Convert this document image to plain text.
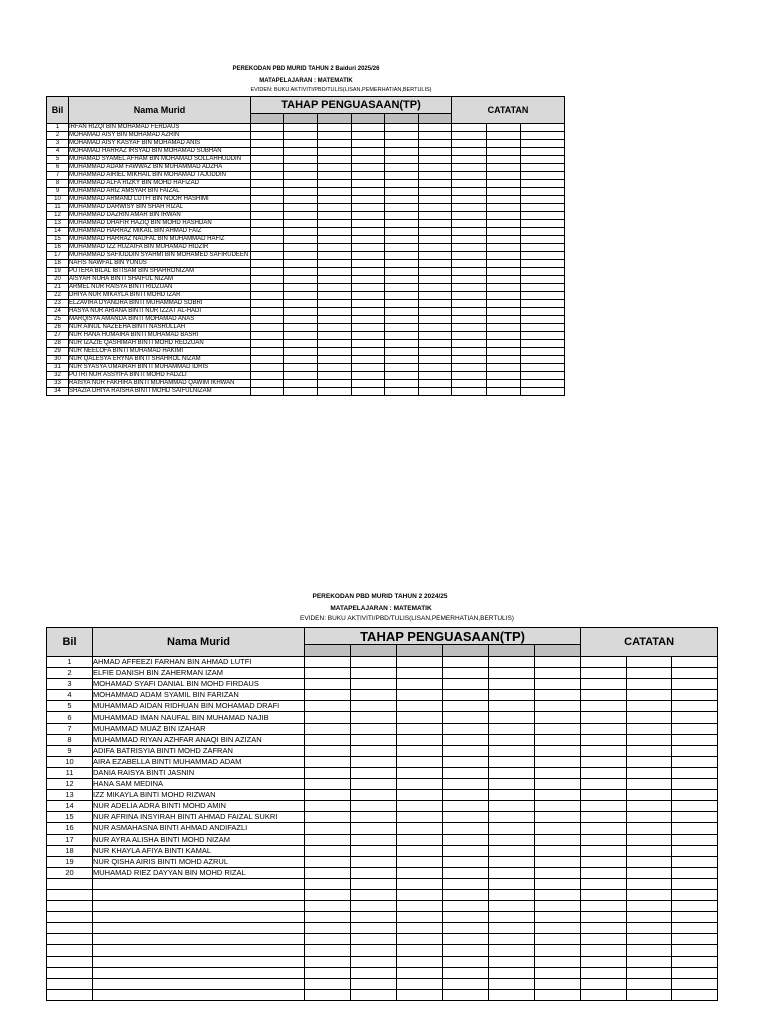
PEREKODAN PBD MURID TAHUN 2 Baiduri 2025/26
MATAPELAJARAN : MATEMATIK
EVIDEN: BUKU AKTIVITI/PBD/TULIS(LISAN,PEMERHATIAN,BERTULIS)
Bil	Nama Murid	TAHAP PENGUASAAN(TP)						CATATAN		

1	IRFAN RIZQI BIN MOHAMAD FERDAUS									
2	MOHAMAD AISY BIN MOHAMAD AZRIN									
3	MOHAMAD AISY KASYAF BIN MOHAMAD ANIS									
4	MOHAMAD HARRAZ IRSYAD BIN MOHAMAD SUBHAN									
5	MUHAMAD SYAMEL AFHAM BIN MOHAMAD SOLLAHHUDDIN									
6	MUHAMMAD ADAM FAWWAZ BIN MUHAMMAD ADZHA									
7	MUHAMMAD AIRIEL MIKHAIL BIN MOHAMAD TAJUDDIN									
8	MUHAMMAD ALFA RIZKY BIN MOHD HAFIZAD									
9	MUHAMMAD ARIZ AMSYAR BIN FAIZAL									
10	MUHAMMAD ARMAND LUTFI BIN NOOR HASHIMI									
11	MUHAMMAD DARWISY BIN SHAH RIZAL									
12	MUHAMMAD DAZRIN AMAR BIN IRWAN									
13	MUHAMMAD DHAFIR HAZIQ BIN MOHD RASHDAN									
14	MUHAMMAD HARRAZ MIKAIL BIN AHMAD FAIZ									
15	MUHAMMAD HARRAZ NAUFAL BIN MUHAMMAD HAFIZ									
16	MUHAMMAD IZZ HUZAIFA BIN MUHAMAD HIDZIR									
17	MUHAMMAD SAFIUDDIN SYAHMI BIN MOHAMED SAFIRUDEEN									
18	NAFIS NAWFAL BIN YUNUS									
19	PUTERA BILAL IBTISAM BIN SHAHRONIZAM									
20	AISYAH NUHA BINTI SHAIFUL NIZAM									
21	ARMEL NUR RAISYA BINTI RIDZUAN									
22	DHIYA NUR MIKAYLA BINTI MOHD IZAR									
23	ELZAVIRA DYANDRA BINTI MUHAMMAD SOBRI									
24	HASYA NUR ARIANA BINTI NUR IZZAT AL-HADI									
25	MARQISYA AMANDA BINTI MOHAMAD ANAS									
26	NUR AINUL NAZEEHA BINTI NASRULLAH									
27	NUR HANA HUMAIRA BINTI MUHAMAD BASRI									
28	NUR IZAZIE QASHIMAH BINTI MOHD REDZUAN									
29	NUR NEELOFA BINTI MUHAMAD HAKIMI									
30	NUR QALESYA ERYNA BINTI SHAHROL NIZAM									
31	NUR SYASYA UMAIRAH BINTI MUHAMMAD IDRIS									
32	PUTRI NUR ASSYIFA BINTI MOHD FADZLI									
33	RAISYA NUR FAKHIRA BINTI MUHAMMAD QAWIM IKHWAN									
34	SHAZIA DHIYA RAISHA BINTI MOHD SAIFULNIZAM									
PEREKODAN PBD MURID TAHUN 2 2024/25
MATAPELAJARAN : MATEMATIK
EVIDEN: BUKU AKTIVITI/PBD/TULIS(LISAN,PEMERHATIAN,BERTULIS)
Bil	Nama Murid	TAHAP PENGUASAAN(TP)						CATATAN		

1	AHMAD AFFEEZI FARHAN BIN AHMAD LUTFI									
2	ELFIE DANISH BIN ZAHERMAN IZAM									
3	MOHAMAD SYAFI DANIAL BIN MOHD FIRDAUS									
4	MOHAMMAD ADAM SYAMIL BIN FARIZAN									
5	MUHAMMAD AIDAN RIDHUAN BIN MOHAMAD DRAFI									
6	MUHAMMAD IMAN NAUFAL BIN MUHAMAD NAJIB									
7	MUHAMMAD MUAZ BIN IZAHAR									
8	MUHAMMAD RIYAN AZHFAR ANAQI BIN AZIZAN									
9	ADIFA BATRISYIA BINTI MOHD ZAFRAN									
10	AIRA EZABELLA BINTI MUHAMMAD ADAM									
11	DANIA RAISYA BINTI JASNIN									
12	HANA SAM MEDINA									
13	IZZ MIKAYLA BINTI MOHD RIZWAN									
14	NUR ADELIA ADRA BINTI MOHD AMIN									
15	NUR AFRINA INSYIRAH BINTI AHMAD FAIZAL SUKRI									
16	NUR ASMAHASNA BINTI AHMAD ANDIFAZLI									
17	NUR AYRA ALISHA BINTI MOHD NIZAM									
18	NUR KHAYLA AFIYA BINTI KAMAL									
19	NUR QISHA AIRIS BINTI MOHD AZRUL									
20	MUHAMAD RIEZ DAYYAN BIN MOHD RIZAL									
